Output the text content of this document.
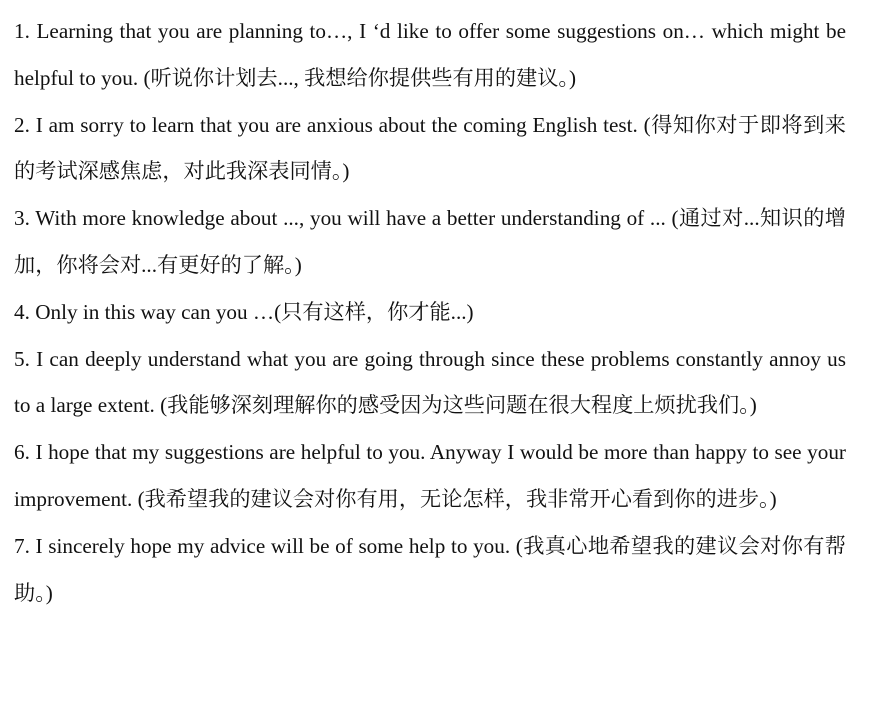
1. Learning that you are planning to…, I ‘d like to offer some suggestions on… which might be helpful to you. (听说你计划去..., 我想给你提供些有用的建议。)

2. I am sorry to learn that you are anxious about the coming English test. (得知你对于即将到来的考试深感焦虑，对此我深表同情。)

3. With more knowledge about ..., you will have a better understanding of ... (通过对...知识的增加，你将会对...有更好的了解。)

4. Only in this way can you …(只有这样，你才能...)

5. I can deeply understand what you are going through since these problems constantly annoy us to a large extent. (我能够深刻理解你的感受因为这些问题在很大程度上烦扰我们。)

6. I hope that my suggestions are helpful to you. Anyway I would be more than happy to see your improvement. (我希望我的建议会对你有用，无论怎样，我非常开心看到你的进步。)

7. I sincerely hope my advice will be of some help to you. (我真心地希望我的建议会对你有帮助。)
